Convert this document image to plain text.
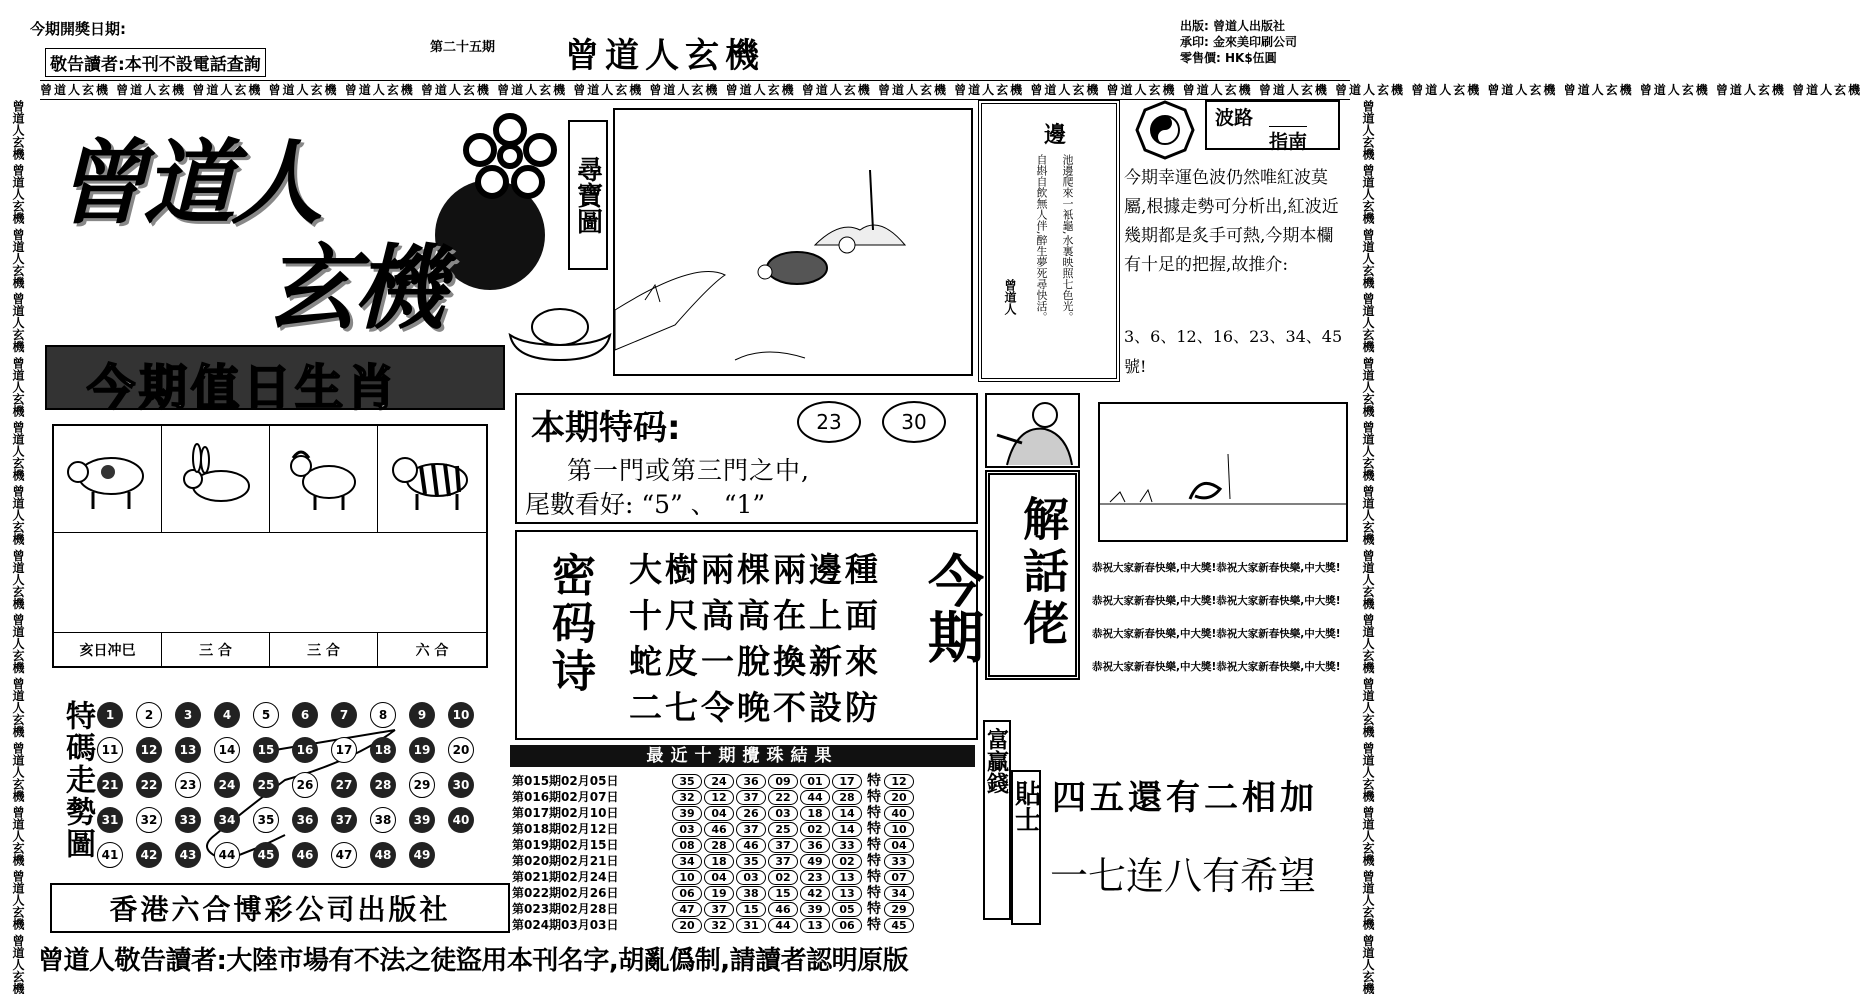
今期開獎日期:
敬告讀者:本刊不設電話查詢
第二十五期 曾道人玄機
出版: 曾道人出版社
承印: 金來美印刷公司
零售價: HK$伍圓
曾道人玄機 曾道人玄機 曾道人玄機 曾道人玄機 曾道人玄機 曾道人玄機 曾道人玄機 曾道人玄機 曾道人玄機 曾道人玄機 曾道人玄機 曾道人玄機 曾道人玄機 曾道人玄機 曾道人玄機 曾道人玄機 曾道人玄機 曾道人玄機 曾道人玄機 曾道人玄機 曾道人玄機 曾道人玄機 曾道人玄機 曾道人玄機
曾道人玄機 曾道人玄機 曾道人玄機 曾道人玄機 曾道人玄機 曾道人玄機 曾道人玄機 曾道人玄機 曾道人玄機 曾道人玄機 曾道人玄機 曾道人玄機 曾道人玄機 曾道人玄機	曾道人玄機 曾道人玄機 曾道人玄機 曾道人玄機 曾道人玄機 曾道人玄機 曾道人玄機 曾道人玄機 曾道人玄機 曾道人玄機 曾道人玄機 曾道人玄機 曾道人玄機 曾道人玄機
曾道人
玄機
尋寶圖
邊
池邊爬來一衹龜,水裏映照七色光。
自斟自飲無人伴,醉生夢死尋快活。
曾道人
波路
指南
今期幸運色波仍然唯紅波莫屬,根據走勢可分析出,紅波近幾期都是炙手可熱,今期本欄有十足的把握,故推介:
3、6、12、16、23、34、45號!
今期值日生肖
亥日冲巳	三 合	三 合	六 合
本期特码:	23	30
第一門或第三門之中,
尾數看好: “5” 、 “1”
密码诗 大樹兩棵兩邊種
十尺高高在上面
蛇皮一脫換新來
二七令晚不設防
今期 解話佬	恭祝大家新春快樂,中大獎!恭祝大家新春快樂,中大獎!
恭祝大家新春快樂,中大獎!恭祝大家新春快樂,中大獎!
恭祝大家新春快樂,中大獎!恭祝大家新春快樂,中大獎!
恭祝大家新春快樂,中大獎!恭祝大家新春快樂,中大獎!
富贏錢
貼士 四五還有二相加
一七连八有希望
特碼走勢圖 1	2	3	4	5	6	7	8	9	10
11	12	13	14	15	16	17	18	19	20
21	22	23	24	25	26	27	28	29	30
31	32	33	34	35	36	37	38	39	40
41	42	43	44	45	46	47	48	49
最近十期攪珠結果
第015期02月05日	35 24 36 09 01 17 特 12
第016期02月07日	32 12 37 22 44 28 特 20
第017期02月10日	39 04 26 03 18 14 特 40
第018期02月12日	03 46 37 25 02 14 特 10
第019期02月15日	08 28 46 37 36 33 特 04
第020期02月21日	34 18 35 37 49 02 特 33
第021期02月24日	10 04 03 02 23 13 特 07
第022期02月26日	06 19 38 15 42 13 特 34
第023期02月28日	47 37 15 46 39 05 特 29
第024期03月03日	20 32 31 44 13 06 特 45
香港六合博彩公司出版社
曾道人敬告讀者:大陸市場有不法之徒盜用本刊名字,胡亂僞制,請讀者認明原版
